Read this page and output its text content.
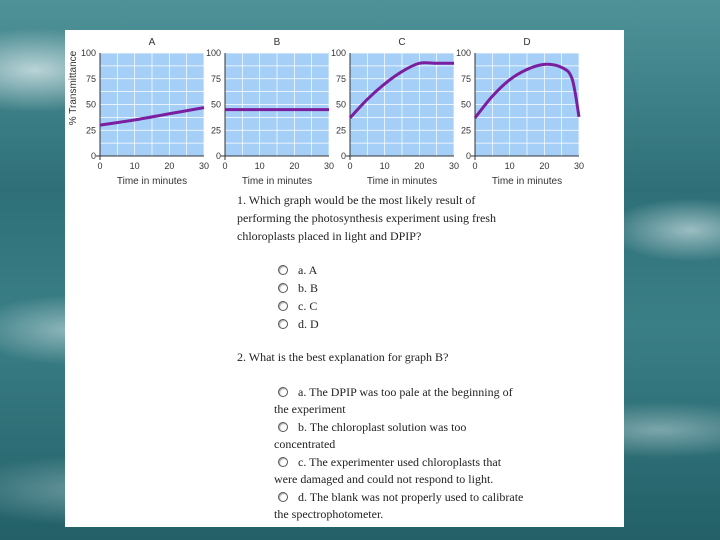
A
0
25
50
75
100
0	10	20	30
Time in minutes
% Transmittance
B
0
25
50
75
100
0	10	20	30
Time in minutes
C
0
25
50
75
100
0	10	20	30
Time in minutes
D
0
25
50
75
100
0	10	20	30
Time in minutes
1. Which graph would be the most likely result of
performing the photosynthesis experiment using fresh
chloroplasts placed in light and DPIP?
a. A
b. B
c. C
d. D
2. What is the best explanation for graph B?
a. The DPIP was too pale at the beginning of
the experiment
b. The chloroplast solution was too
concentrated
c. The experimenter used chloroplasts that
were damaged and could not respond to light.
d. The blank was not properly used to calibrate
the spectrophotometer.
